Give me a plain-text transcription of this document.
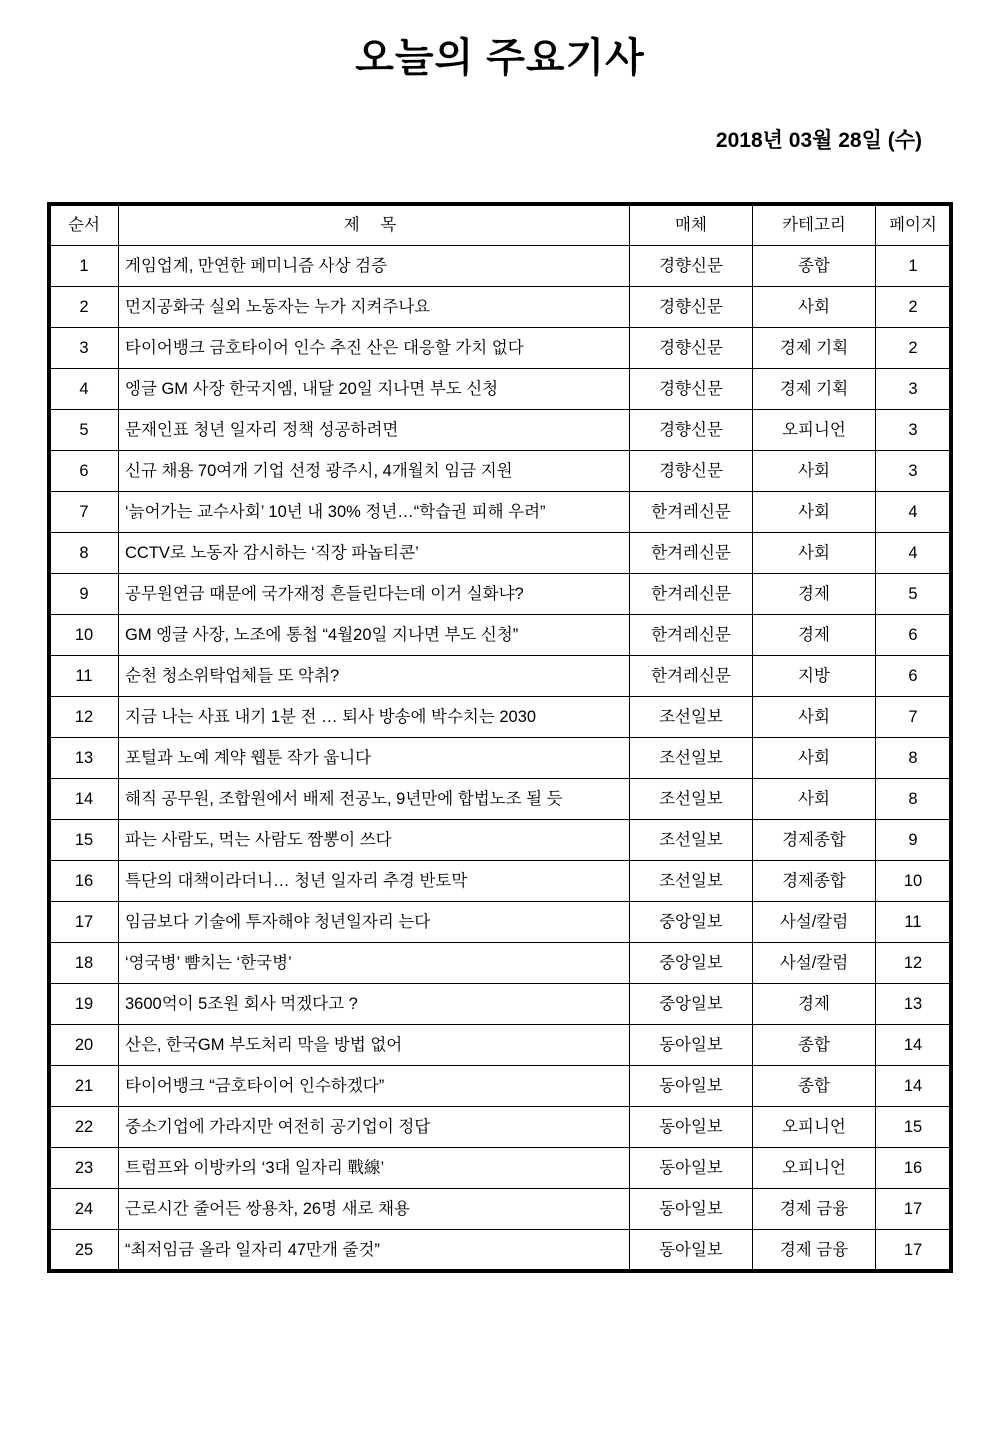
오늘의 주요기사
2018년 03월 28일 (수)
순서	제 목	매체	카테고리	페이지
1	게임업계, 만연한 페미니즘 사상 검증	경향신문	종합	1
2	먼지공화국 실외 노동자는 누가 지켜주나요	경향신문	사회	2
3	타이어뱅크 금호타이어 인수 추진 산은 대응할 가치 없다	경향신문	경제 기획	2
4	엥글 GM 사장 한국지엠, 내달 20일 지나면 부도 신청	경향신문	경제 기획	3
5	문재인표 청년 일자리 정책 성공하려면	경향신문	오피니언	3
6	신규 채용 70여개 기업 선정 광주시, 4개월치 임금 지원	경향신문	사회	3
7	‘늙어가는 교수사회’ 10년 내 30% 정년…“학습권 피해 우려”	한겨레신문	사회	4
8	CCTV로 노동자 감시하는 ‘직장 파놉티콘’	한겨레신문	사회	4
9	공무원연금 때문에 국가재정 흔들린다는데 이거 실화냐?	한겨레신문	경제	5
10	GM 엥글 사장, 노조에 통첩 “4월20일 지나면 부도 신청”	한겨레신문	경제	6
11	순천 청소위탁업체들 또 악취?	한겨레신문	지방	6
12	지금 나는 사표 내기 1분 전 … 퇴사 방송에 박수치는 2030	조선일보	사회	7
13	포털과 노예 계약 웹툰 작가 웁니다	조선일보	사회	8
14	해직 공무원, 조합원에서 배제 전공노, 9년만에 합법노조 될 듯	조선일보	사회	8
15	파는 사람도, 먹는 사람도 짬뽕이 쓰다	조선일보	경제종합	9
16	특단의 대책이라더니… 청년 일자리 추경 반토막	조선일보	경제종합	10
17	임금보다 기술에 투자해야 청년일자리 는다	중앙일보	사설/칼럼	11
18	‘영국병’ 뺨치는 ‘한국병’	중앙일보	사설/칼럼	12
19	3600억이 5조원 회사 먹겠다고 ?	중앙일보	경제	13
20	산은, 한국GM 부도처리 막을 방법 없어	동아일보	종합	14
21	타이어뱅크 “금호타이어 인수하겠다”	동아일보	종합	14
22	중소기업에 가라지만 여전히 공기업이 정답	동아일보	오피니언	15
23	트럼프와 이방카의 ‘3대 일자리 戰線’	동아일보	오피니언	16
24	근로시간 줄어든 쌍용차, 26명 새로 채용	동아일보	경제 금융	17
25	“최저임금 올라 일자리 47만개 줄것”	동아일보	경제 금융	17
